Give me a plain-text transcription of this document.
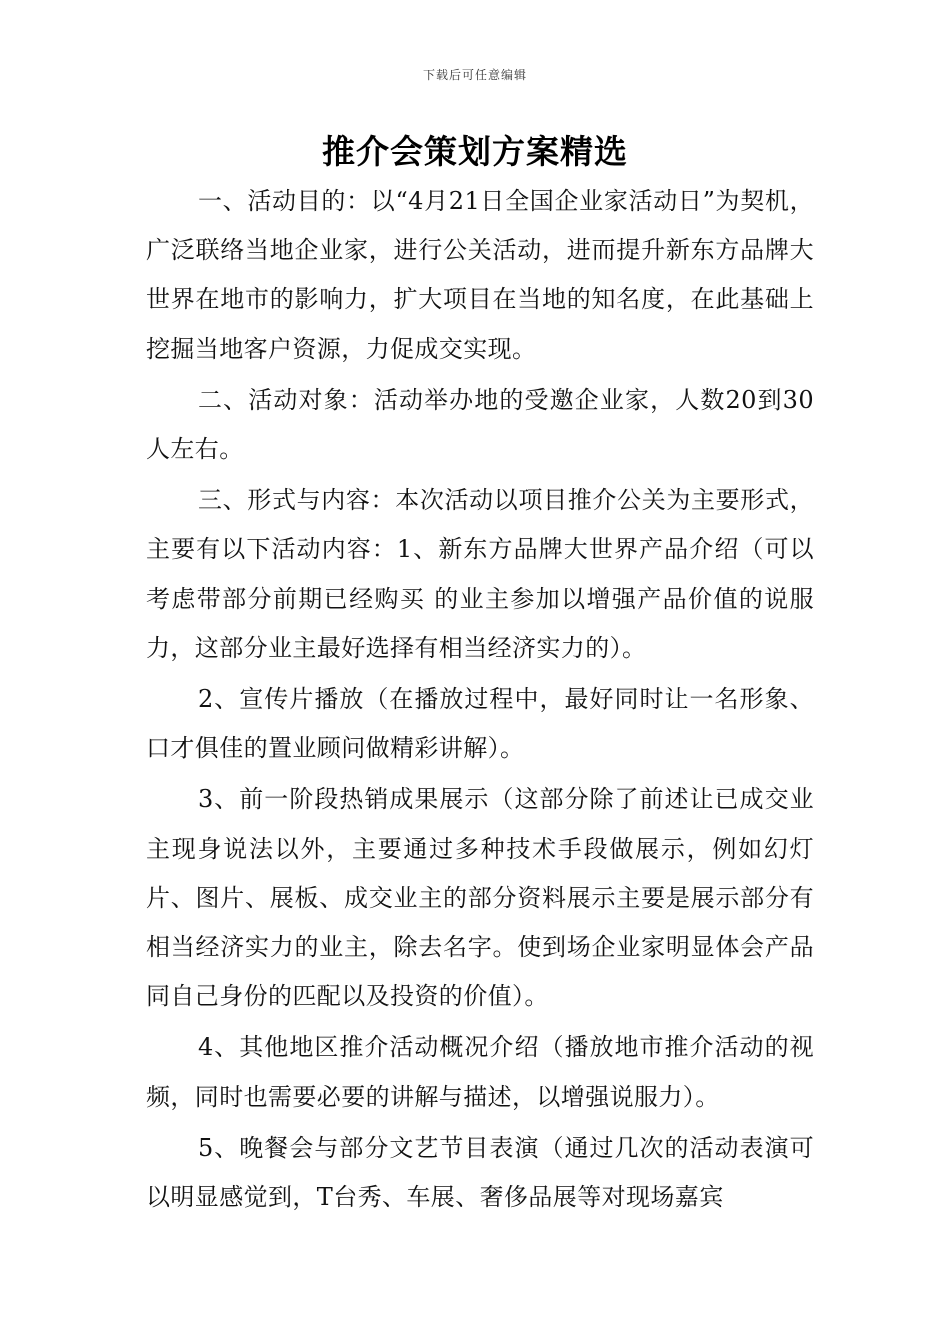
下载后可任意编辑
推介会策划方案精选

一、活动目的：以“4月21日全国企业家活动日”为契机，广泛联络当地企业家，进行公关活动，进而提升新东方品牌大世界在地市的影响力，扩大项目在当地的知名度，在此基础上挖掘当地客户资源，力促成交实现。

二、活动对象：活动举办地的受邀企业家，人数20到30人左右。

三、形式与内容：本次活动以项目推介公关为主要形式，主要有以下活动内容：1、新东方品牌大世界产品介绍（可以考虑带部分前期已经购买 的业主参加以增强产品价值的说服力，这部分业主最好选择有相当经济实力的）。

2、宣传片播放（在播放过程中，最好同时让一名形象、口才俱佳的置业顾问做精彩讲解）。

3、前一阶段热销成果展示（这部分除了前述让已成交业主现身说法以外，主要通过多种技术手段做展示，例如幻灯片、图片、展板、成交业主的部分资料展示主要是展示部分有相当经济实力的业主，除去名字。使到场企业家明显体会产品同自己身份的匹配以及投资的价值）。

4、其他地区推介活动概况介绍（播放地市推介活动的视频，同时也需要必要的讲解与描述，以增强说服力）。

5、晚餐会与部分文艺节目表演（通过几次的活动表演可以明显感觉到，T台秀、车展、奢侈品展等对现场嘉宾
